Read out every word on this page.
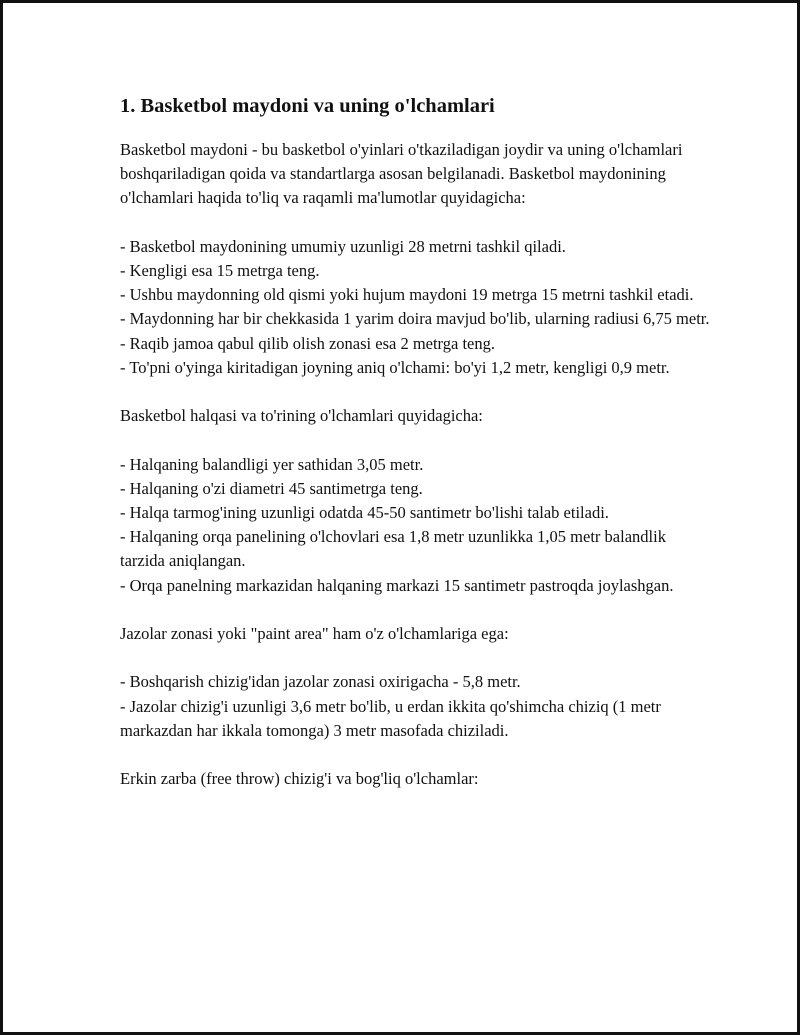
1. Basketbol maydoni va uning o'lchamlari

Basketbol maydoni - bu basketbol o'yinlari o'tkaziladigan joydir va uning o'lchamlari boshqariladigan qoida va standartlarga asosan belgilanadi. Basketbol maydonining o'lchamlari haqida to'liq va raqamli ma'lumotlar quyidagicha:

- Basketbol maydonining umumiy uzunligi 28 metrni tashkil qiladi.

- Kengligi esa 15 metrga teng.

- Ushbu maydonning old qismi yoki hujum maydoni 19 metrga 15 metrni tashkil etadi.

- Maydonning har bir chekkasida 1 yarim doira mavjud bo'lib, ularning radiusi 6,75 metr.

- Raqib jamoa qabul qilib olish zonasi esa 2 metrga teng.

- To'pni o'yinga kiritadigan joyning aniq o'lchami: bo'yi 1,2 metr, kengligi 0,9 metr.

Basketbol halqasi va to'rining o'lchamlari quyidagicha:

- Halqaning balandligi yer sathidan 3,05 metr.

- Halqaning o'zi diametri 45 santimetrga teng.

- Halqa tarmog'ining uzunligi odatda 45-50 santimetr bo'lishi talab etiladi.

- Halqaning orqa panelining o'lchovlari esa 1,8 metr uzunlikka 1,05 metr balandlik tarzida aniqlangan.

- Orqa panelning markazidan halqaning markazi 15 santimetr pastroqda joylashgan.

Jazolar zonasi yoki "paint area" ham o'z o'lchamlariga ega:

- Boshqarish chizig'idan jazolar zonasi oxirigacha - 5,8 metr.

- Jazolar chizig'i uzunligi 3,6 metr bo'lib, u erdan ikkita qo'shimcha chiziq (1 metr markazdan har ikkala tomonga) 3 metr masofada chiziladi.

Erkin zarba (free throw) chizig'i va bog'liq o'lchamlar:
